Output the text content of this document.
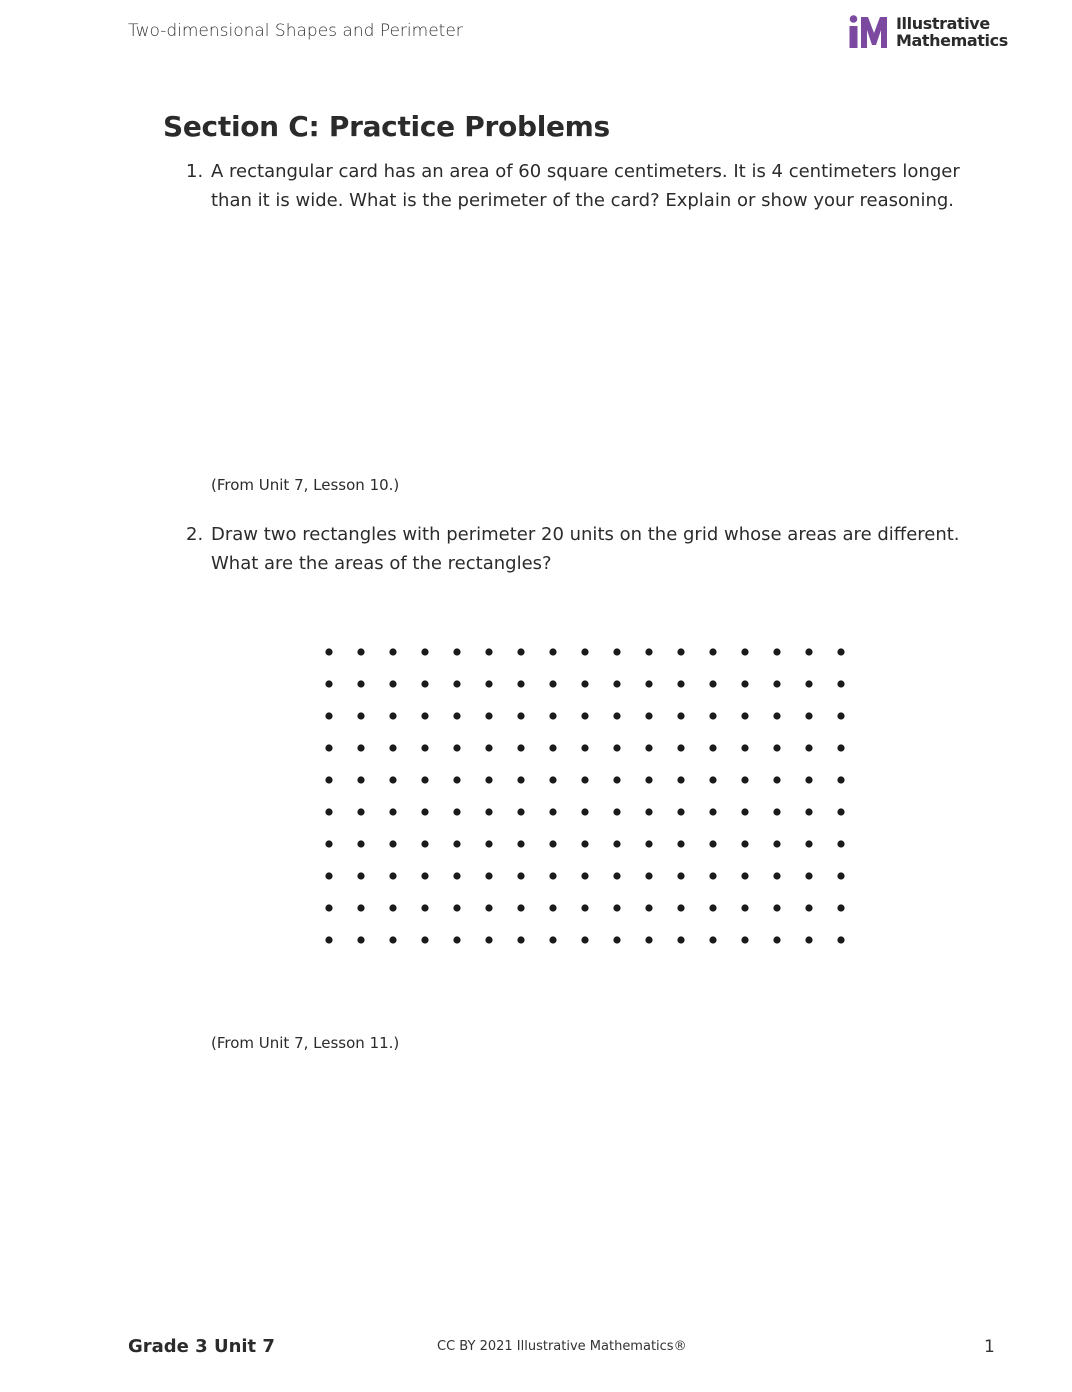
Two-dimensional Shapes and Perimeter	Illustrative
Mathematics
Section C: Practice Problems
1. A rectangular card has an area of 60 square centimeters. It is 4 centimeters longer than it is wide. What is the perimeter of the card? Explain or show your reasoning.
(From Unit 7, Lesson 10.)
2. Draw two rectangles with perimeter 20 units on the grid whose areas are different. What are the areas of the rectangles?
(From Unit 7, Lesson 11.)
Grade 3 Unit 7	CC BY 2021 Illustrative Mathematics®	1
